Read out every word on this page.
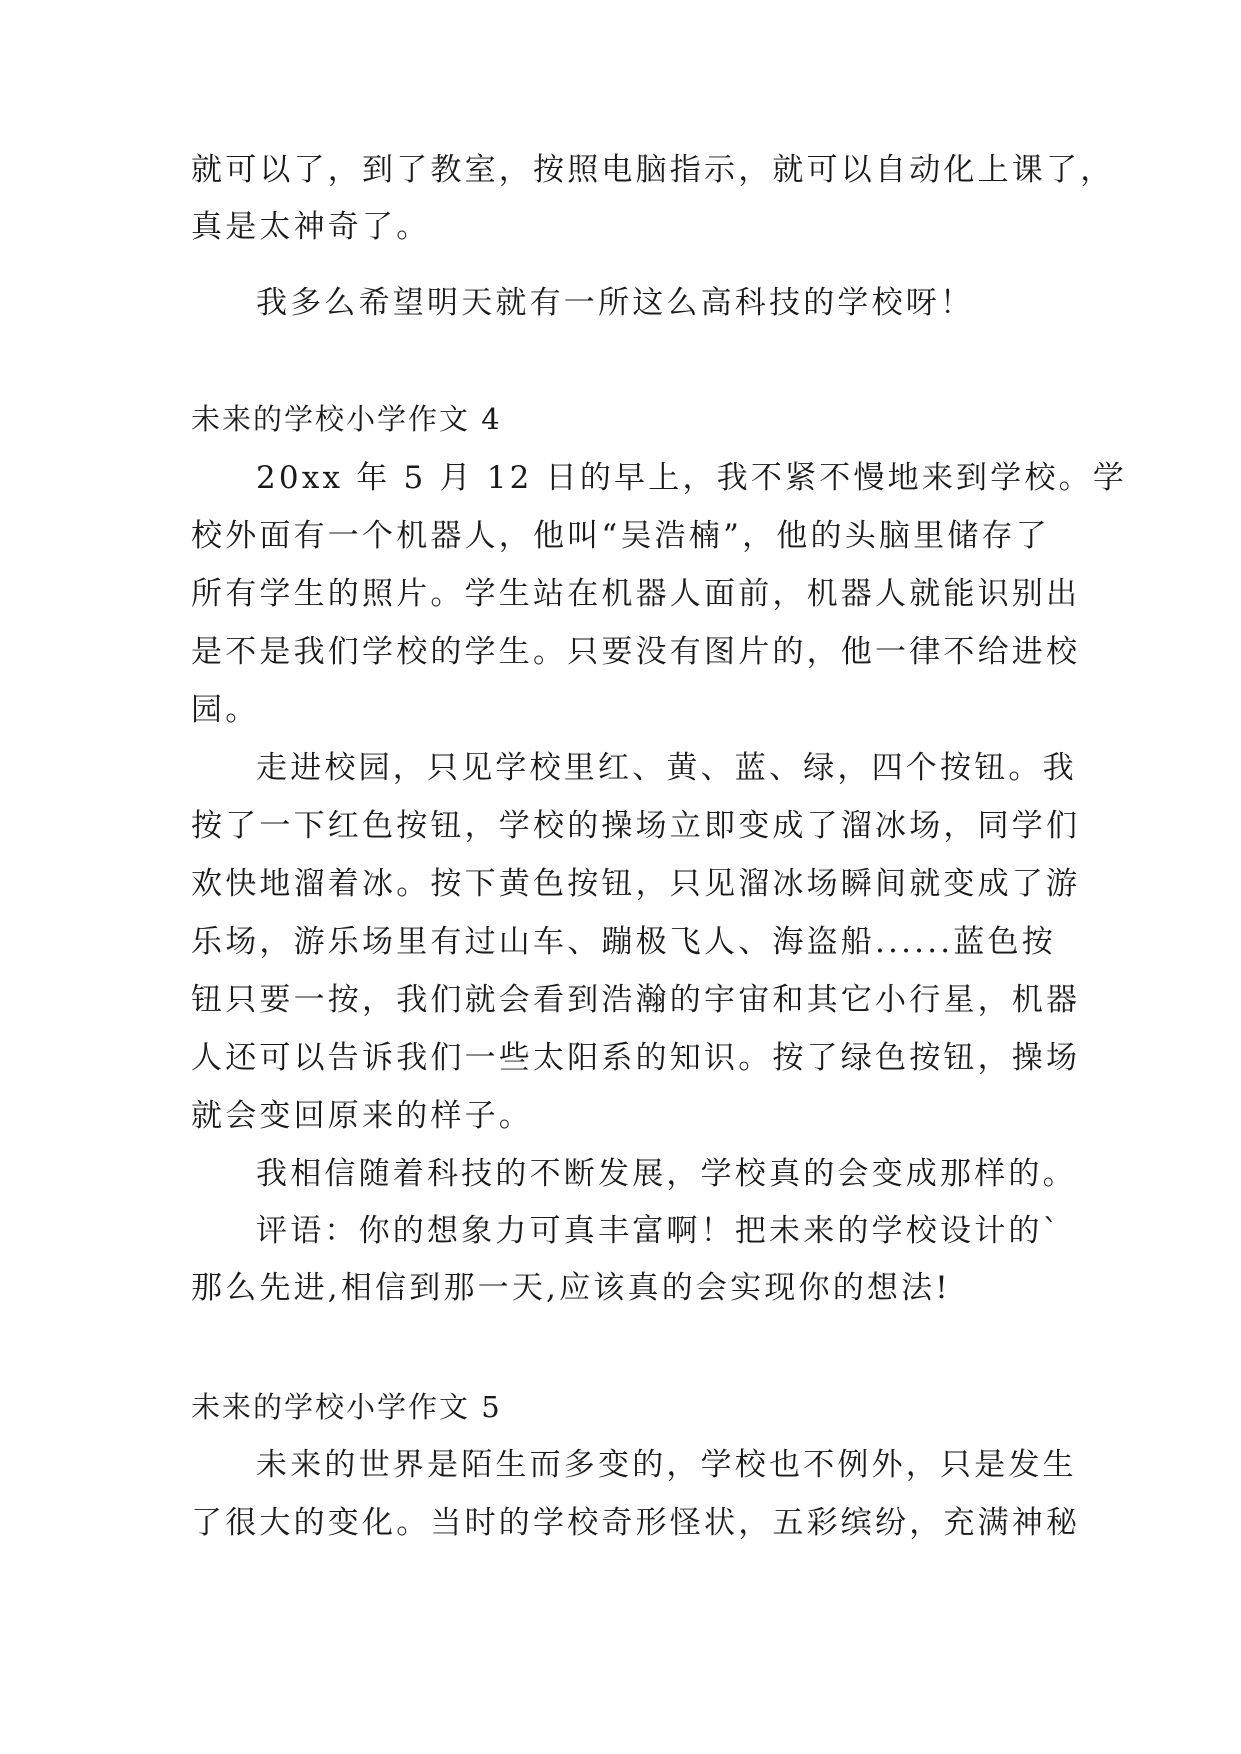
就可以了，到了教室，按照电脑指示，就可以自动化上课了，
真是太神奇了。
我多么希望明天就有一所这么高科技的学校呀！
未来的学校小学作文 4
20xx 年 5 月 12 日的早上，我不紧不慢地来到学校。学
校外面有一个机器人，他叫“吴浩楠”，他的头脑里储存了
所有学生的照片。学生站在机器人面前，机器人就能识别出
是不是我们学校的学生。只要没有图片的，他一律不给进校
园。
走进校园，只见学校里红、黄、蓝、绿，四个按钮。我
按了一下红色按钮，学校的操场立即变成了溜冰场，同学们
欢快地溜着冰。按下黄色按钮，只见溜冰场瞬间就变成了游
乐场，游乐场里有过山车、蹦极飞人、海盗船......蓝色按
钮只要一按，我们就会看到浩瀚的宇宙和其它小行星，机器
人还可以告诉我们一些太阳系的知识。按了绿色按钮，操场
就会变回原来的样子。
我相信随着科技的不断发展，学校真的会变成那样的。
评语：你的想象力可真丰富啊！把未来的学校设计的`
那么先进,相信到那一天,应该真的会实现你的想法!
未来的学校小学作文 5
未来的世界是陌生而多变的，学校也不例外，只是发生
了很大的变化。当时的学校奇形怪状，五彩缤纷，充满神秘
